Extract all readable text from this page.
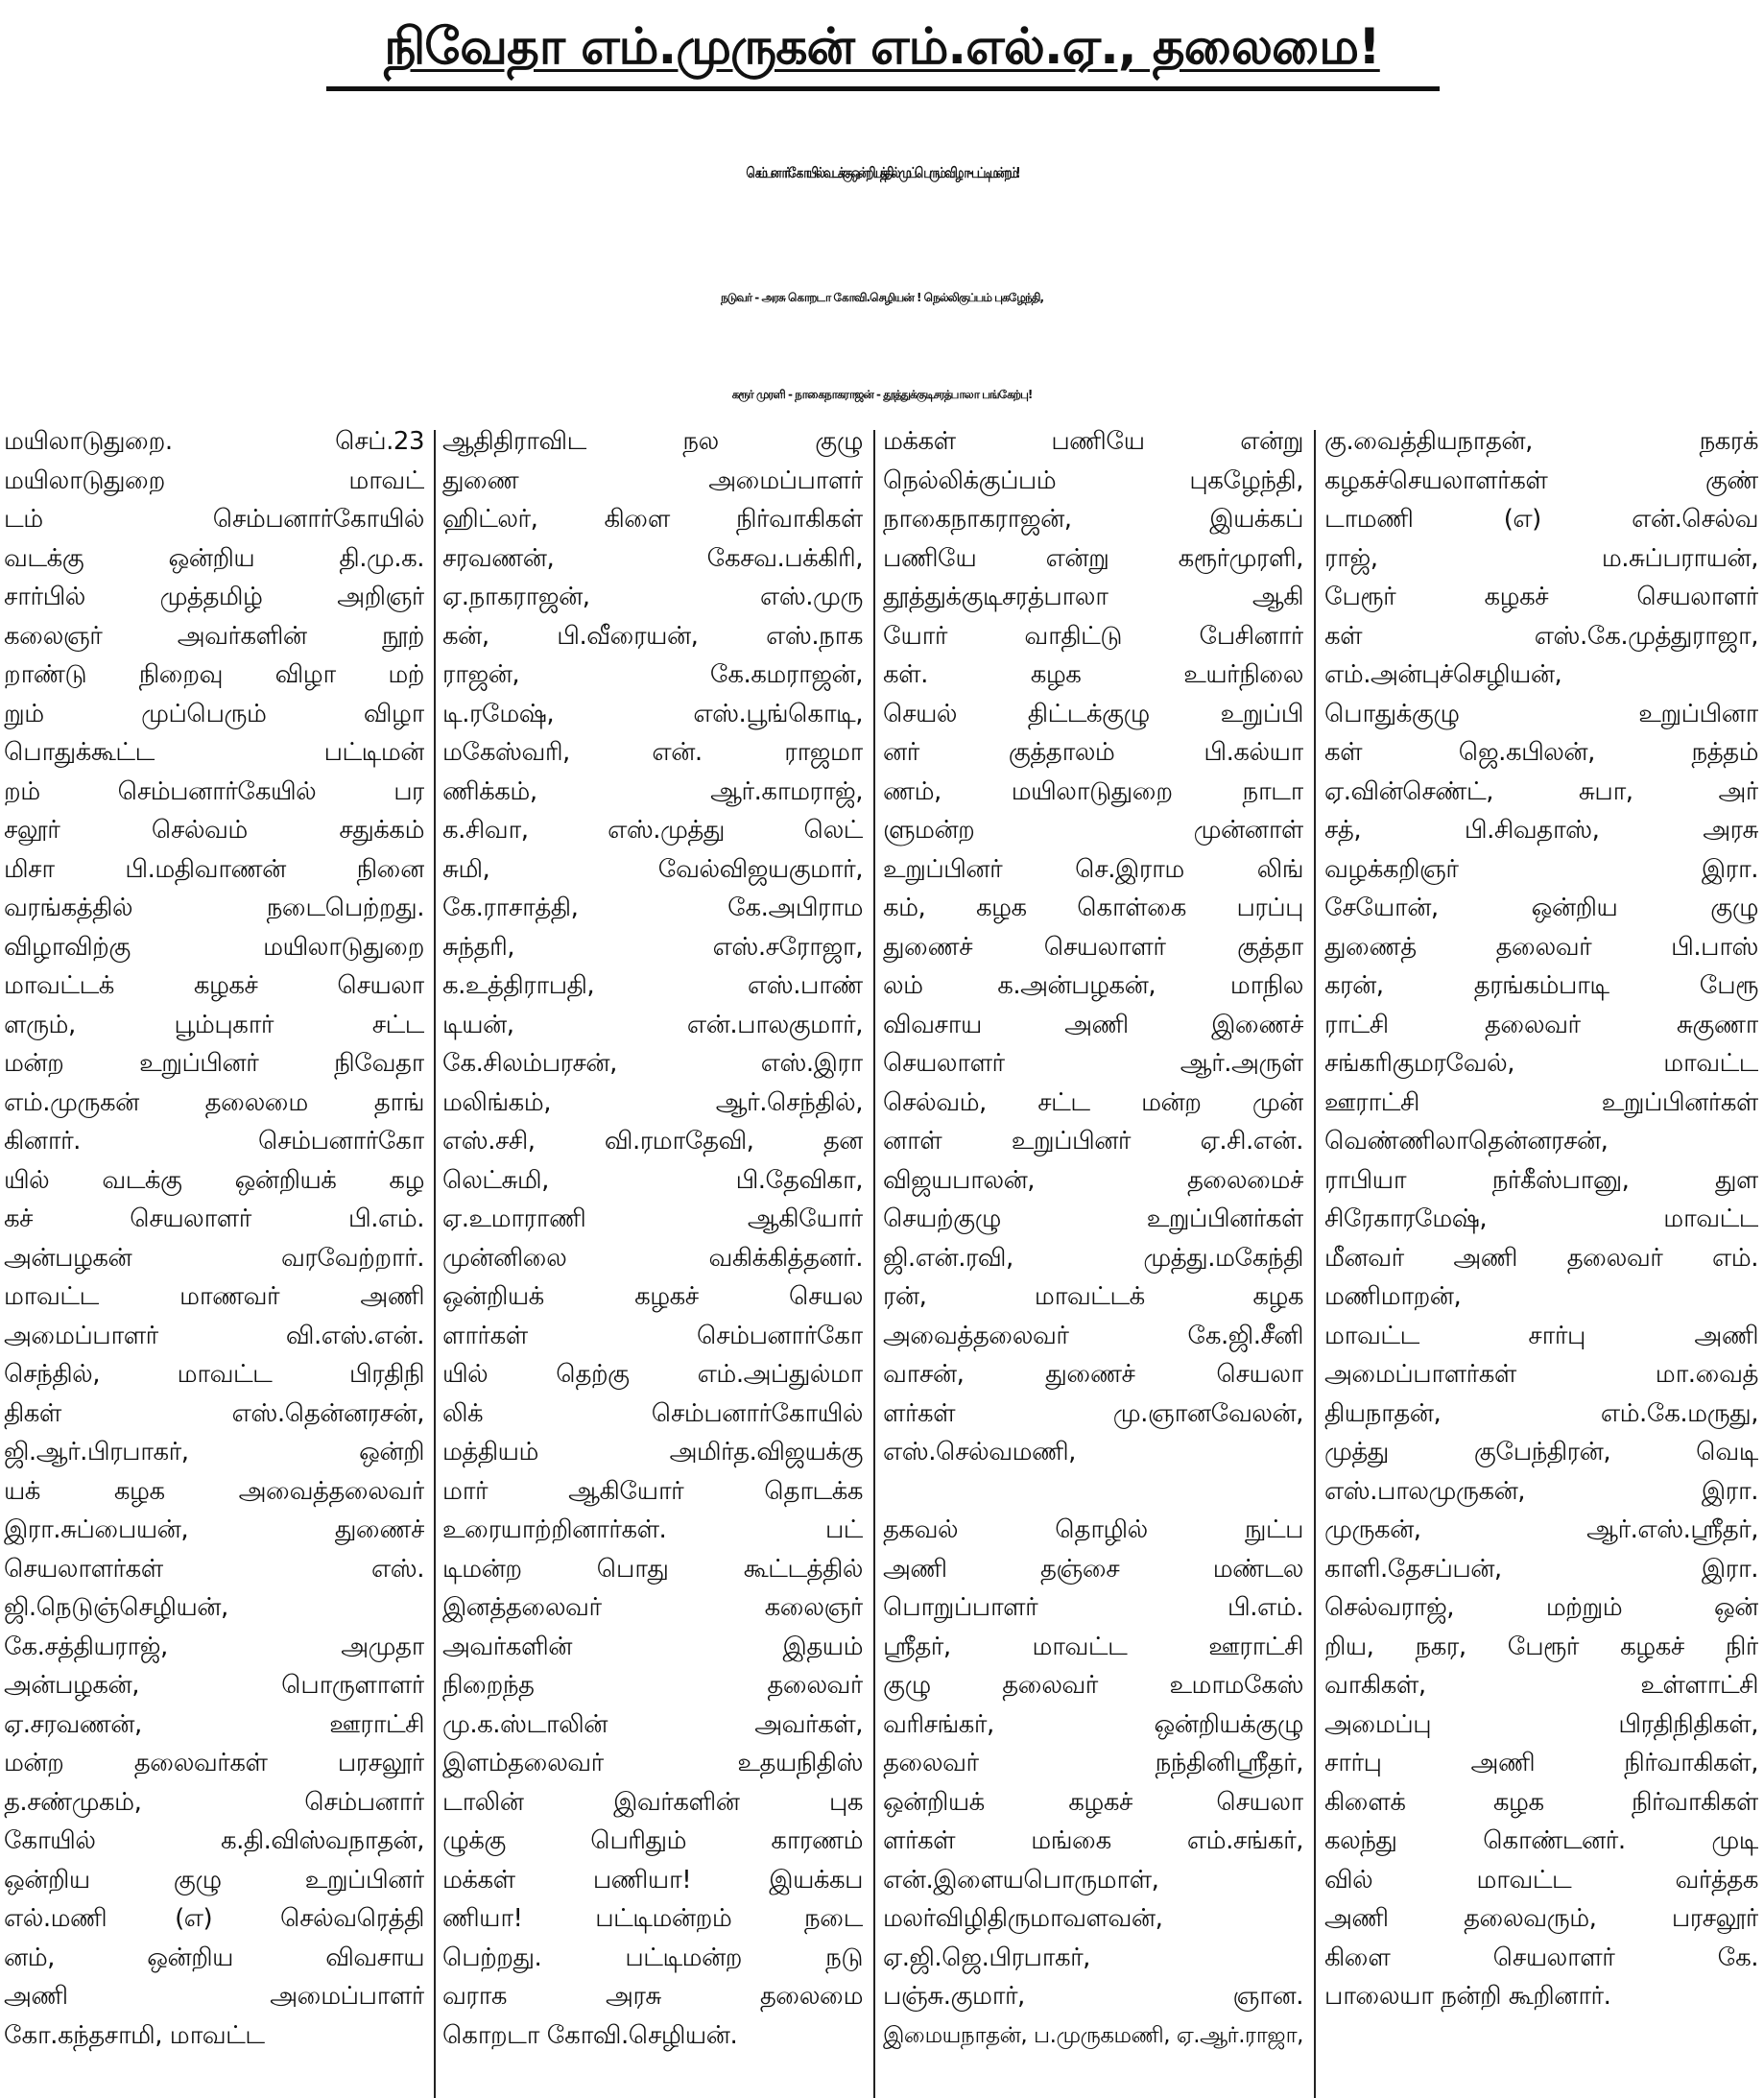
நிவேதா எம்.முருகன் எம்.எல்.ஏ., தலைமை!
செம்பனார்கோயில் வடக்கு ஒன்றியத்தில் முப்பெரும் விழா - பட்டிமன்றம்!
நடுவர் - அரசு கொறடா கோவி.செழியன் ! நெல்லிகுப்பம் புகழேந்தி,
கரூர் முரளி - நாகைநாகராஜன் - தூத்துக்குடிசரத்பாலா பங்கேற்பு!
மயிலாடுதுறை. செப்.23
மயிலாடுதுறை மாவட்
டம் செம்பனார்கோயில்
வடக்கு ஒன்றிய தி.மு.க.
சார்பில் முத்தமிழ் அறிஞர்
கலைஞர் அவர்களின் நூற்
றாண்டு நிறைவு விழா மற்
றும் முப்பெரும் விழா
பொதுக்கூட்ட பட்டிமன்
றம் செம்பனார்கேயில் பர
சலூர் செல்வம் சதுக்கம்
மிசா பி.மதிவாணன் நினை
வரங்கத்தில் நடைபெற்றது.
விழாவிற்கு மயிலாடுதுறை
மாவட்டக் கழகச் செயலா
ளரும், பூம்புகார் சட்ட
மன்ற உறுப்பினர் நிவேதா
எம்.முருகன் தலைமை தாங்
கினார். செம்பனார்கோ
யில் வடக்கு ஒன்றியக் கழ
கச் செயலாளர் பி.எம்.
அன்பழகன் வரவேற்றார்.
மாவட்ட மாணவர் அணி
அமைப்பாளர் வி.எஸ்.என்.
செந்தில், மாவட்ட பிரதிநி
திகள் எஸ்.தென்னரசன்,
ஜி.ஆர்.பிரபாகர், ஒன்றி
யக் கழக அவைத்தலைவர்
இரா.சுப்பையன், துணைச்
செயலாளர்கள் எஸ்.
ஜி.நெடுஞ்செழியன்,
கே.சத்தியராஜ், அமுதா
அன்பழகன், பொருளாளர்
ஏ.சரவணன், ஊராட்சி
மன்ற தலைவர்கள் பரசலூர்
த.சண்முகம், செம்பனார்
கோயில் க.தி.விஸ்வநாதன்,
ஒன்றிய குழு உறுப்பினர்
எல்.மணி (எ) செல்வரெத்தி
னம், ஒன்றிய விவசாய
அணி அமைப்பாளர்
கோ.கந்தசாமி, மாவட்ட
ஆதிதிராவிட நல குழு
துணை அமைப்பாளர்
ஹிட்லர், கிளை நிர்வாகிகள்
சரவணன், கேசவ.பக்கிரி,
ஏ.நாகராஜன், எஸ்.முரு
கன், பி.வீரையன், எஸ்.நாக
ராஜன், கே.கமராஜன்,
டி.ரமேஷ், எஸ்.பூங்கொடி,
மகேஸ்வரி, என். ராஜமா
ணிக்கம், ஆர்.காமராஜ்,
க.சிவா, எஸ்.முத்து லெட்
சுமி, வேல்விஜயகுமார்,
கே.ராசாத்தி, கே.அபிராம
சுந்தரி, எஸ்.சரோஜா,
க.உத்திராபதி, எஸ்.பாண்
டியன், என்.பாலகுமார்,
கே.சிலம்பரசன், எஸ்.இரா
மலிங்கம், ஆர்.செந்தில்,
எஸ்.சசி, வி.ரமாதேவி, தன
லெட்சுமி, பி.தேவிகா,
ஏ.உமாராணி ஆகியோர்
முன்னிலை வகிக்கித்தனர்.
ஒன்றியக் கழகச் செயல
ளார்கள் செம்பனார்கோ
யில் தெற்கு எம்.அப்துல்மா
லிக் செம்பனார்கோயில்
மத்தியம் அமிர்த.விஜயக்கு
மார் ஆகியோர் தொடக்க
உரையாற்றினார்கள். பட்
டிமன்ற பொது கூட்டத்தில்
இனத்தலைவர் கலைஞர்
அவர்களின் இதயம்
நிறைந்த தலைவர்
மு.க.ஸ்டாலின் அவர்கள்,
இளம்தலைவர் உதயநிதிஸ்
டாலின் இவர்களின் புக
ழுக்கு பெரிதும் காரணம்
மக்கள் பணியா! இயக்கப
ணியா! பட்டிமன்றம் நடை
பெற்றது. பட்டிமன்ற நடு
வராக அரசு தலைமை
கொறடா கோவி.செழியன்.
மக்கள் பணியே என்று
நெல்லிக்குப்பம் புகழேந்தி,
நாகைநாகராஜன், இயக்கப்
பணியே என்று கரூர்முரளி,
தூத்துக்குடிசரத்பாலா ஆகி
யோர் வாதிட்டு பேசினார்
கள். கழக உயர்நிலை
செயல் திட்டக்குழு உறுப்பி
னர் குத்தாலம் பி.கல்யா
ணம், மயிலாடுதுறை நாடா
ளுமன்ற முன்னாள்
உறுப்பினர் செ.இராம லிங்
கம், கழக கொள்கை பரப்பு
துணைச் செயலாளர் குத்தா
லம் க.அன்பழகன், மாநில
விவசாய அணி இணைச்
செயலாளர் ஆர்.அருள்
செல்வம், சட்ட மன்ற முன்
னாள் உறுப்பினர் ஏ.சி.என்.
விஜயபாலன், தலைமைச்
செயற்குழு உறுப்பினர்கள்
ஜி.என்.ரவி, முத்து.மகேந்தி
ரன், மாவட்டக் கழக
அவைத்தலைவர் கே.ஜி.சீனி
வாசன், துணைச் செயலா
ளர்கள் மு.ஞானவேலன்,
எஸ்.செல்வமணி,
தகவல் தொழில் நுட்ப
அணி தஞ்சை மண்டல
பொறுப்பாளர் பி.எம்.
ஸ்ரீதர், மாவட்ட ஊராட்சி
குழு தலைவர் உமாமகேஸ்
வரிசங்கர், ஒன்றியக்குழு
தலைவர் நந்தினிஸ்ரீதர்,
ஒன்றியக் கழகச் செயலா
ளர்கள் மங்கை எம்.சங்கர்,
என்.இளையபொருமாள்,
மலர்விழிதிருமாவளவன்,
ஏ.ஜி.ஜெ.பிரபாகர்,
பஞ்சு.குமார், ஞான.
இமையநாதன், ப.முருகமணி, ஏ.ஆர்.ராஜா,
கு.வைத்தியநாதன், நகரக்
கழகச்செயலாளர்கள் குண்
டாமணி (எ) என்.செல்வ
ராஜ், ம.சுப்பராயன்,
பேரூர் கழகச் செயலாளர்
கள் எஸ்.கே.முத்துராஜா,
எம்.அன்புச்செழியன்,
பொதுக்குழு உறுப்பினா
கள் ஜெ.கபிலன், நத்தம்
ஏ.வின்செண்ட், சுபா, அர்
சத், பி.சிவதாஸ், அரசு
வழக்கறிஞர் இரா.
சேயோன், ஒன்றிய குழு
துணைத் தலைவர் பி.பாஸ்
கரன், தரங்கம்பாடி பேரூ
ராட்சி தலைவர் சுகுணா
சங்கரிகுமரவேல், மாவட்ட
ஊராட்சி உறுப்பினர்கள்
வெண்ணிலாதென்னரசன்,
ராபியா நர்கீஸ்பானு, துள
சிரேகாரமேஷ், மாவட்ட
மீனவர் அணி தலைவர் எம்.
மணிமாறன்,
மாவட்ட சார்பு அணி
அமைப்பாளர்கள் மா.வைத்
தியநாதன், எம்.கே.மருது,
முத்து குபேந்திரன், வெடி
எஸ்.பாலமுருகன், இரா.
முருகன், ஆர்.எஸ்.ஸ்ரீதர்,
காளி.தேசப்பன், இரா.
செல்வராஜ், மற்றும் ஒன்
றிய, நகர, பேரூர் கழகச் நிர்
வாகிகள், உள்ளாட்சி
அமைப்பு பிரதிநிதிகள்,
சார்பு அணி நிர்வாகிகள்,
கிளைக் கழக நிர்வாகிகள்
கலந்து கொண்டனர். முடி
வில் மாவட்ட வர்த்தக
அணி தலைவரும், பரசலூர்
கிளை செயலாளர் கே.
பாலையா நன்றி கூறினார்.
